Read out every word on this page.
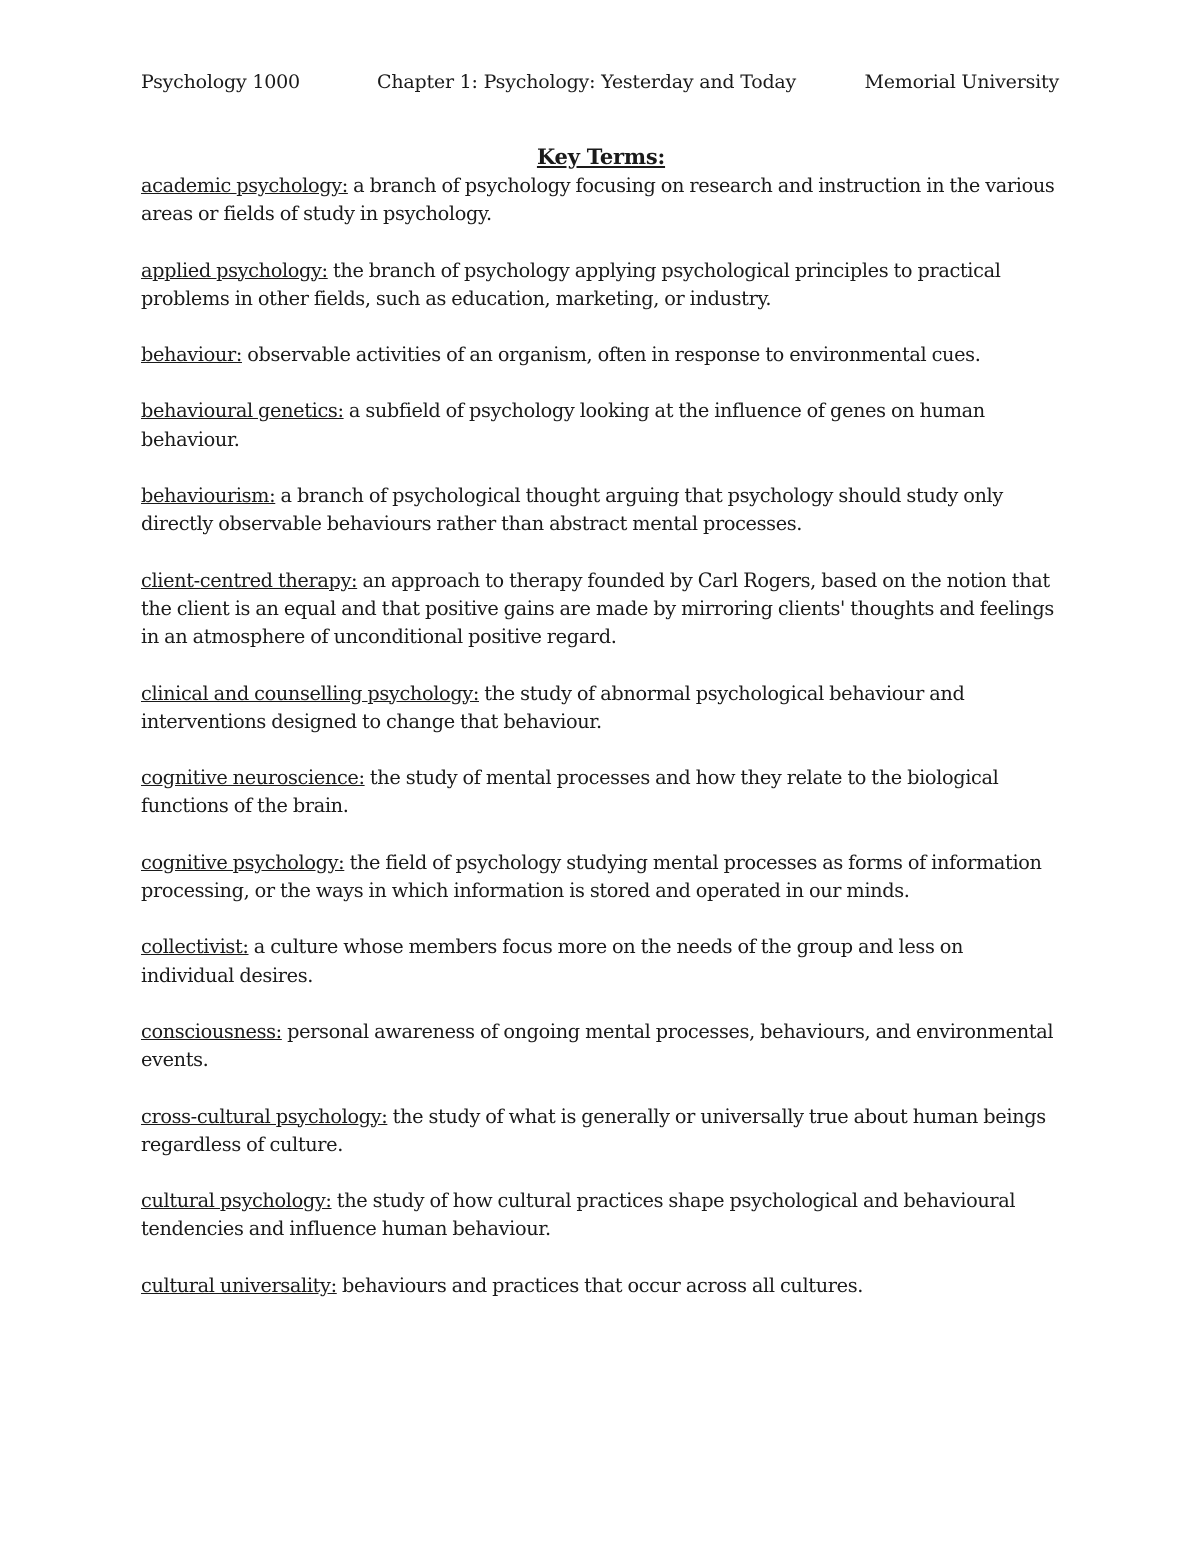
Psychology 1000	Chapter 1: Psychology: Yesterday and Today	Memorial University
Key Terms:
academic psychology: a branch of psychology focusing on research and instruction in the various areas or fields of study in psychology.
applied psychology: the branch of psychology applying psychological principles to practical problems in other fields, such as education, marketing, or industry.
behaviour: observable activities of an organism, often in response to environmental cues.
behavioural genetics: a subfield of psychology looking at the influence of genes on human behaviour.
behaviourism: a branch of psychological thought arguing that psychology should study only directly observable behaviours rather than abstract mental processes.
client-centred therapy: an approach to therapy founded by Carl Rogers, based on the notion that the client is an equal and that positive gains are made by mirroring clients' thoughts and feelings in an atmosphere of unconditional positive regard.
clinical and counselling psychology: the study of abnormal psychological behaviour and interventions designed to change that behaviour.
cognitive neuroscience: the study of mental processes and how they relate to the biological functions of the brain.
cognitive psychology: the field of psychology studying mental processes as forms of information processing, or the ways in which information is stored and operated in our minds.
collectivist: a culture whose members focus more on the needs of the group and less on individual desires.
consciousness: personal awareness of ongoing mental processes, behaviours, and environmental events.
cross-cultural psychology: the study of what is generally or universally true about human beings regardless of culture.
cultural psychology: the study of how cultural practices shape psychological and behavioural tendencies and influence human behaviour.
cultural universality: behaviours and practices that occur across all cultures.
